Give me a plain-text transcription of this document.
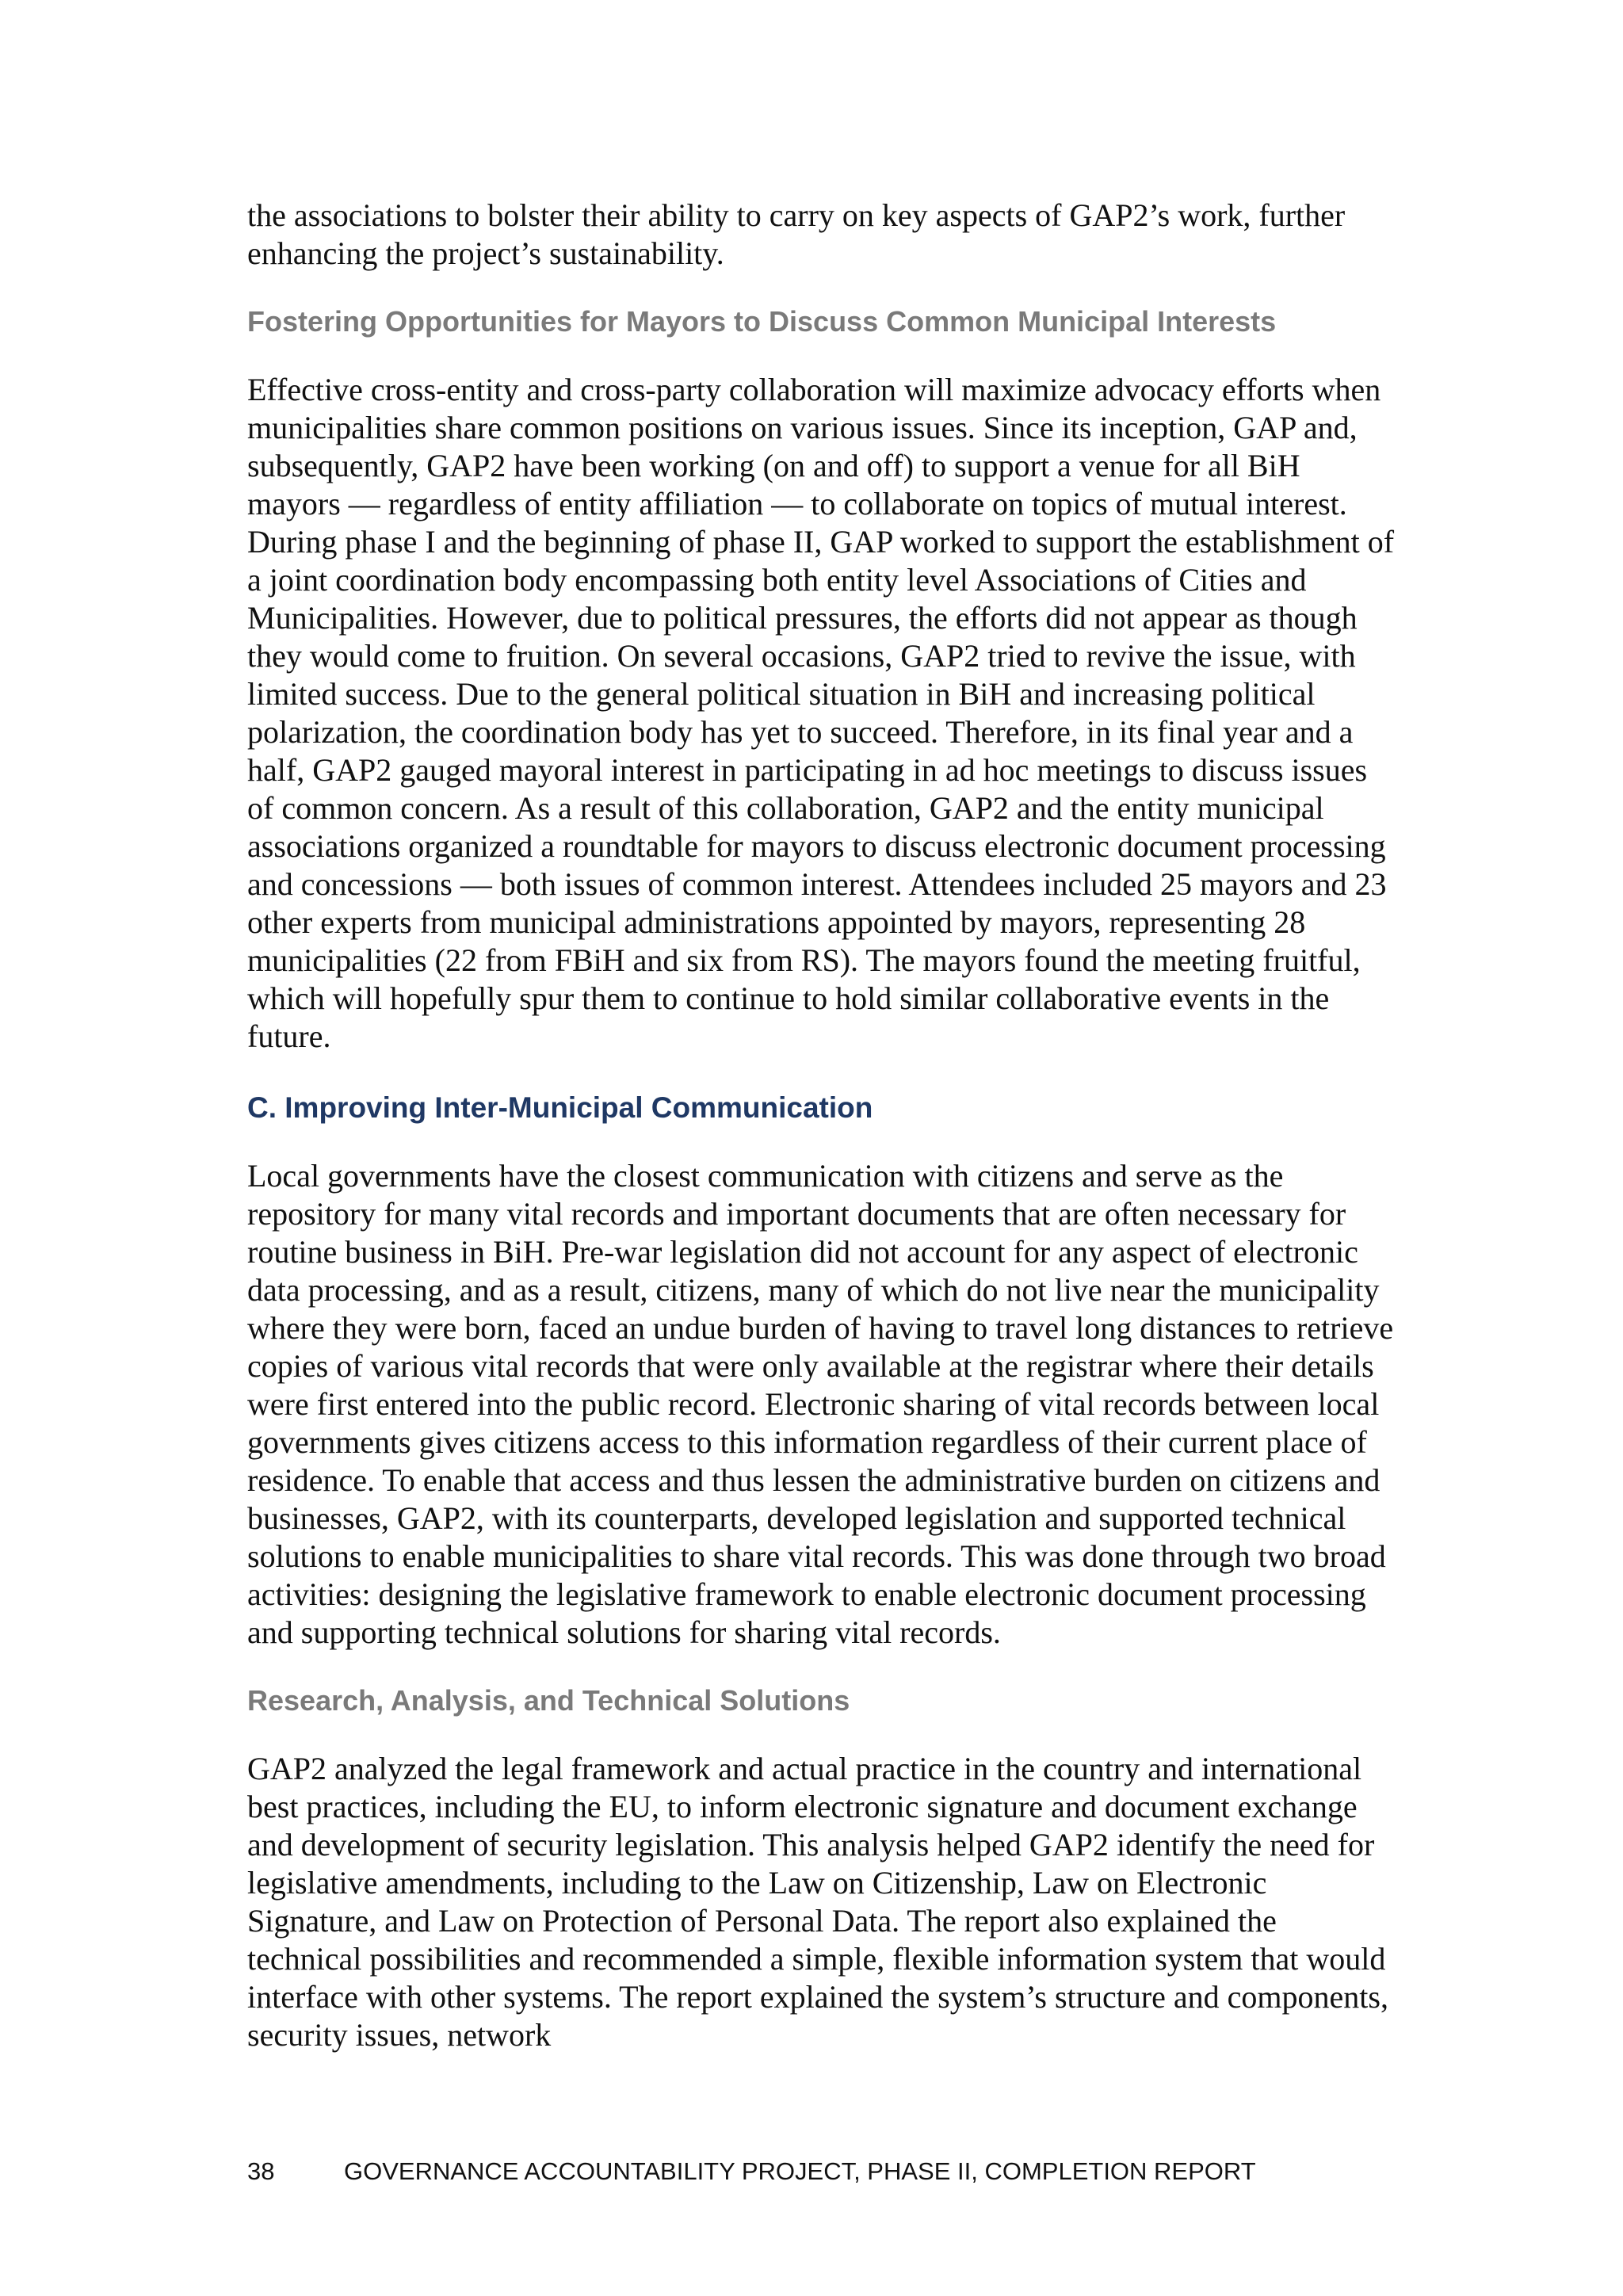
the associations to bolster their ability to carry on key aspects of GAP2’s work, further enhancing the project’s sustainability.

Fostering Opportunities for Mayors to Discuss Common Municipal Interests

Effective cross-entity and cross-party collaboration will maximize advocacy efforts when municipalities share common positions on various issues. Since its inception, GAP and, subsequently, GAP2 have been working (on and off) to support a venue for all BiH mayors — regardless of entity affiliation — to collaborate on topics of mutual interest. During phase I and the beginning of phase II, GAP worked to support the establishment of a joint coordination body encompassing both entity level Associations of Cities and Municipalities. However, due to political pressures, the efforts did not appear as though they would come to fruition. On several occasions, GAP2 tried to revive the issue, with limited success. Due to the general political situation in BiH and increasing political polarization, the coordination body has yet to succeed. Therefore, in its final year and a half, GAP2 gauged mayoral interest in participating in ad hoc meetings to discuss issues of common concern. As a result of this collaboration, GAP2 and the entity municipal associations organized a roundtable for mayors to discuss electronic document processing and concessions — both issues of common interest. Attendees included 25 mayors and 23 other experts from municipal administrations appointed by mayors, representing 28 municipalities (22 from FBiH and six from RS). The mayors found the meeting fruitful, which will hopefully spur them to continue to hold similar collaborative events in the future.

C. Improving Inter-Municipal Communication

Local governments have the closest communication with citizens and serve as the repository for many vital records and important documents that are often necessary for routine business in BiH. Pre-war legislation did not account for any aspect of electronic data processing, and as a result, citizens, many of which do not live near the municipality where they were born, faced an undue burden of having to travel long distances to retrieve copies of various vital records that were only available at the registrar where their details were first entered into the public record. Electronic sharing of vital records between local governments gives citizens access to this information regardless of their current place of residence. To enable that access and thus lessen the administrative burden on citizens and businesses, GAP2, with its counterparts, developed legislation and supported technical solutions to enable municipalities to share vital records. This was done through two broad activities: designing the legislative framework to enable electronic document processing and supporting technical solutions for sharing vital records.

Research, Analysis, and Technical Solutions

GAP2 analyzed the legal framework and actual practice in the country and international best practices, including the EU, to inform electronic signature and document exchange and development of security legislation. This analysis helped GAP2 identify the need for legislative amendments, including to the Law on Citizenship, Law on Electronic Signature, and Law on Protection of Personal Data. The report also explained the technical possibilities and recommended a simple, flexible information system that would interface with other systems. The report explained the system’s structure and components, security issues, network

38	GOVERNANCE ACCOUNTABILITY PROJECT, PHASE II, COMPLETION REPORT
